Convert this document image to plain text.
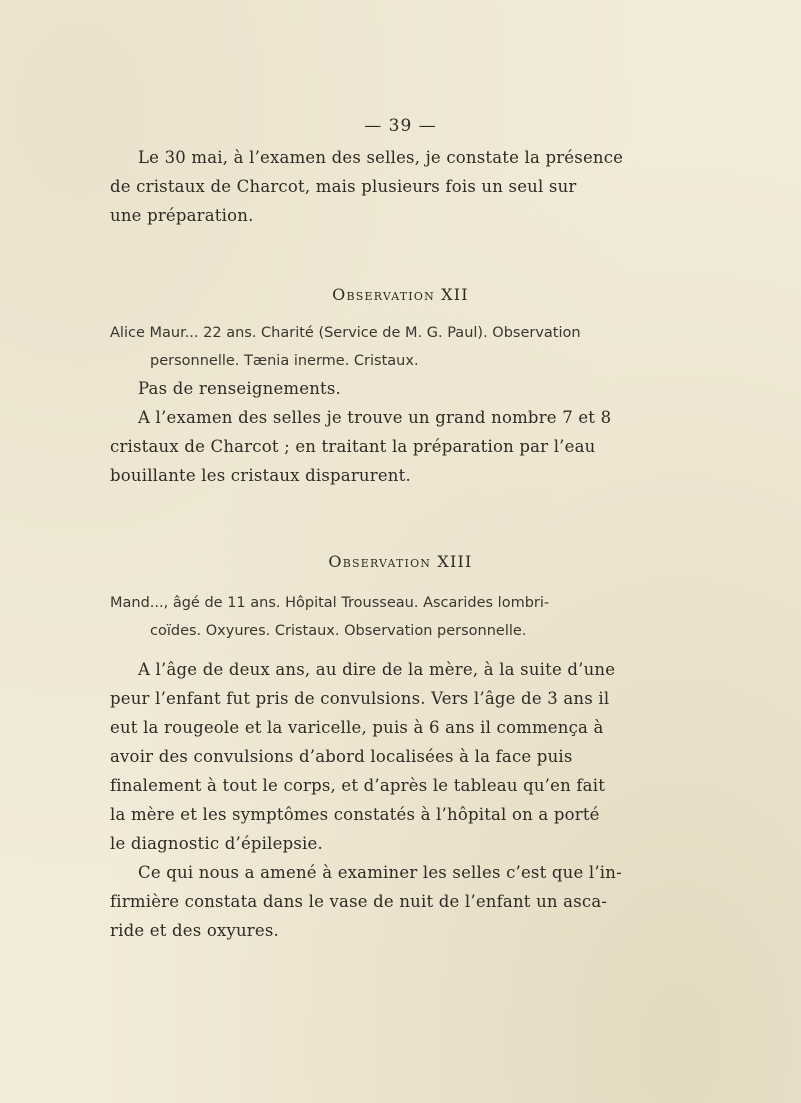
— 39 —

Le 30 mai, à l’examen des selles, je constate la présence

de cristaux de Charcot, mais plusieurs fois un seul sur

une préparation.

Observation XII

Alice Maur... 22 ans. Charité (Service de M. G. Paul). Observation

personnelle. Tænia inerme. Cristaux.

Pas de renseignements.

A l’examen des selles je trouve un grand nombre 7 et 8

cristaux de Charcot ; en traitant la préparation par l’eau

bouillante les cristaux disparurent.

Observation XIII

Mand..., âgé de 11 ans. Hôpital Trousseau. Ascarides lombri-

coïdes. Oxyures. Cristaux. Observation personnelle.

A l’âge de deux ans, au dire de la mère, à la suite d’une

peur l’enfant fut pris de convulsions. Vers l’âge de 3 ans il

eut la rougeole et la varicelle, puis à 6 ans il commença à

avoir des convulsions d’abord localisées à la face puis

finalement à tout le corps, et d’après le tableau qu’en fait

la mère et les symptômes constatés à l’hôpital on a porté

le diagnostic d’épilepsie.

Ce qui nous a amené à examiner les selles c’est que l’in-

firmière constata dans le vase de nuit de l’enfant un asca-

ride et des oxyures.
